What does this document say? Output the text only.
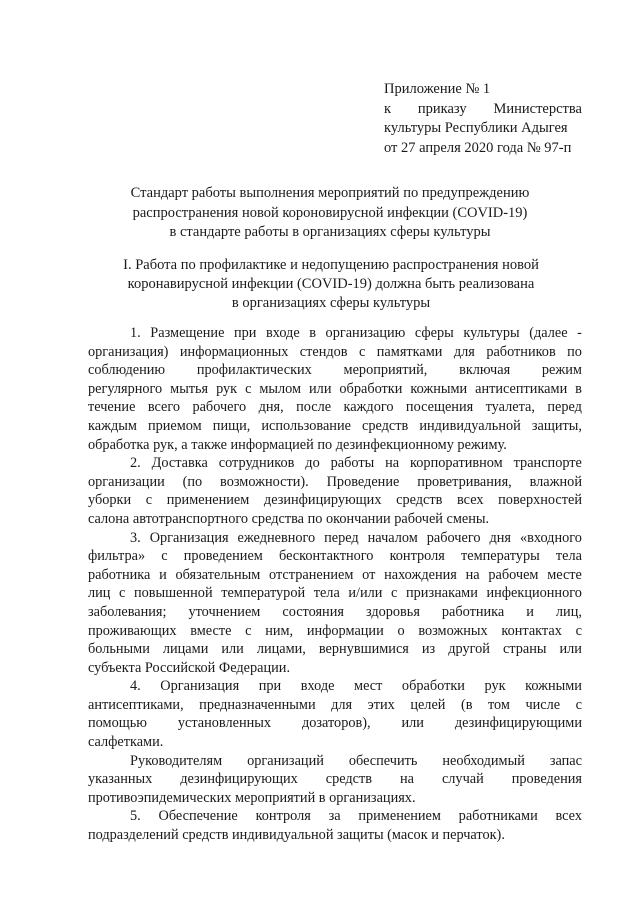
Приложение № 1
к приказу Министерства
культуры Республики Адыгея
от 27 апреля 2020 года № 97-п
Стандарт работы выполнения мероприятий по предупреждению
распространения новой короновирусной инфекции (COVID-19)
в стандарте работы в организациях сферы культуры
I. Работа по профилактике и недопущению распространения новой
коронавирусной инфекции (COVID-19) должна быть реализована
в организациях сферы культуры
1. Размещение при входе в организацию сферы культуры (далее -
организация) информационных стендов с памятками для работников по
соблюдению профилактических мероприятий, включая режим
регулярного мытья рук с мылом или обработки кожными антисептиками в
течение всего рабочего дня, после каждого посещения туалета, перед
каждым приемом пищи, использование средств индивидуальной защиты,
обработка рук, а также информацией по дезинфекционному режиму.
2. Доставка сотрудников до работы на корпоративном транспорте
организации (по возможности). Проведение проветривания, влажной
уборки с применением дезинфицирующих средств всех поверхностей
салона автотранспортного средства по окончании рабочей смены.
3. Организация ежедневного перед началом рабочего дня «входного
фильтра» с проведением бесконтактного контроля температуры тела
работника и обязательным отстранением от нахождения на рабочем месте
лиц с повышенной температурой тела и/или с признаками инфекционного
заболевания; уточнением состояния здоровья работника и лиц,
проживающих вместе с ним, информации о возможных контактах с
больными лицами или лицами, вернувшимися из другой страны или
субъекта Российской Федерации.
4. Организация при входе мест обработки рук кожными
антисептиками, предназначенными для этих целей (в том числе с
помощью установленных дозаторов), или дезинфицирующими
салфетками.
Руководителям организаций обеспечить необходимый запас
указанных дезинфицирующих средств на случай проведения
противоэпидемических мероприятий в организациях.
5. Обеспечение контроля за применением работниками всех
подразделений средств индивидуальной защиты (масок и перчаток).
